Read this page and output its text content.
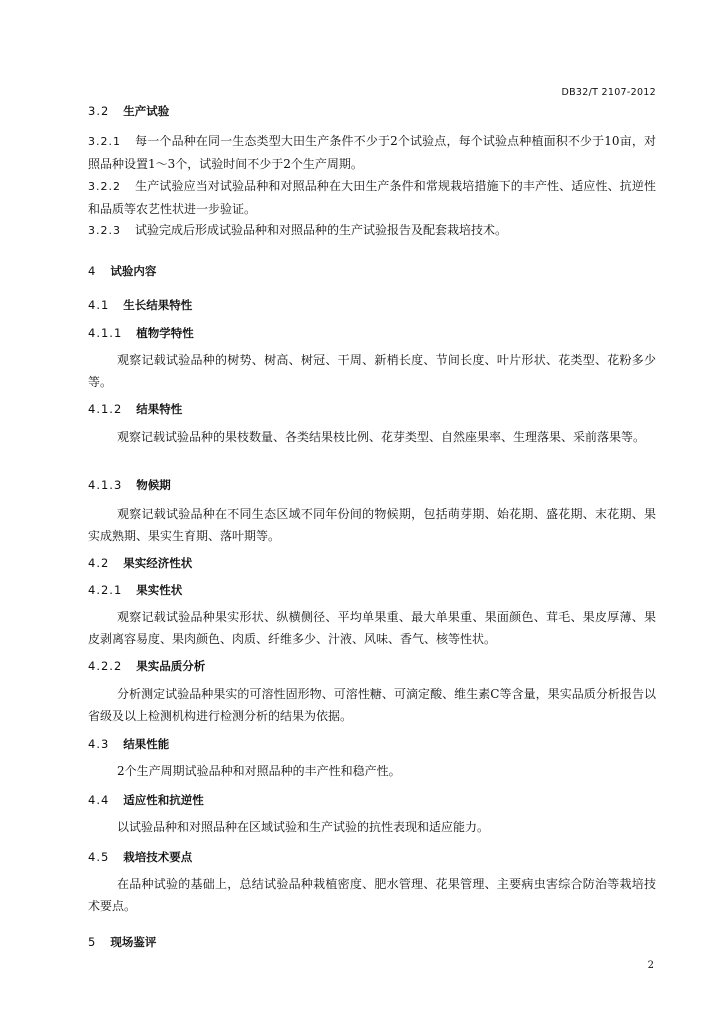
DB32/T 2107-2012
3.2 生产试验
3.2.1 每一个品种在同一生态类型大田生产条件不少于2个试验点，每个试验点种植面积不少于10亩，对照品种设置1～3个，试验时间不少于2个生产周期。
3.2.2 生产试验应当对试验品种和对照品种在大田生产条件和常规栽培措施下的丰产性、适应性、抗逆性和品质等农艺性状进一步验证。
3.2.3 试验完成后形成试验品种和对照品种的生产试验报告及配套栽培技术。
4 试验内容
4.1 生长结果特性
4.1.1 植物学特性
观察记载试验品种的树势、树高、树冠、干周、新梢长度、节间长度、叶片形状、花类型、花粉多少等。
4.1.2 结果特性
观察记载试验品种的果枝数量、各类结果枝比例、花芽类型、自然座果率、生理落果、采前落果等。
4.1.3 物候期
观察记载试验品种在不同生态区域不同年份间的物候期，包括萌芽期、始花期、盛花期、末花期、果实成熟期、果实生育期、落叶期等。
4.2 果实经济性状
4.2.1 果实性状
观察记载试验品种果实形状、纵横侧径、平均单果重、最大单果重、果面颜色、茸毛、果皮厚薄、果皮剥离容易度、果肉颜色、肉质、纤维多少、汁液、风味、香气、核等性状。
4.2.2 果实品质分析
分析测定试验品种果实的可溶性固形物、可溶性糖、可滴定酸、维生素C等含量，果实品质分析报告以省级及以上检测机构进行检测分析的结果为依据。
4.3 结果性能
2个生产周期试验品种和对照品种的丰产性和稳产性。
4.4 适应性和抗逆性
以试验品种和对照品种在区域试验和生产试验的抗性表现和适应能力。
4.5 栽培技术要点
在品种试验的基础上，总结试验品种栽植密度、肥水管理、花果管理、主要病虫害综合防治等栽培技术要点。
5 现场鉴评
2
